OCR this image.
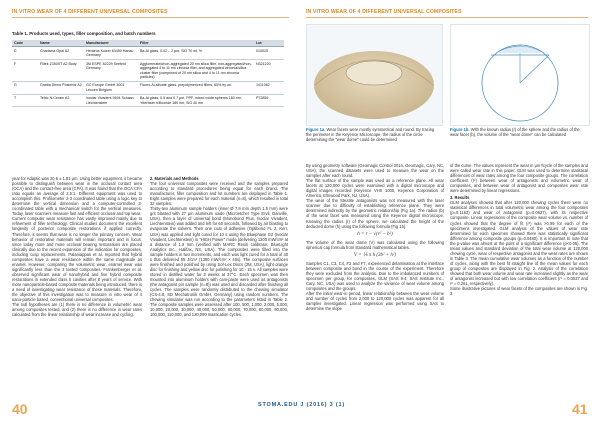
IN VITRO WEAR OF 4 DIFFERENT UNIVERSAL COMPOSITES	IN VITRO WEAR OF 4 DIFFERENT UNIVERSAL COMPOSITES
Table 1. Products used, types, filler composition, and batch numbers
Code	Name	Manufacturer	Filler	Lot
C	Charisma Opal A2	Heraeus Kulzer 63450 Hanau Germany	Ba-Al glass, 0.02 – 2 μm, SiO 70 wt. %	010025
F	Filtek Z350XT A2 Body	3M ESPE 82229 Seefeld Germany	Agglomerated/non-aggregated 20 nm silica filler, non-aggregated/non-aggregated 4 to 11 nm zirconia filler, and aggregated zirconia/silica cluster filler (comprised of 20 nm silica and 4 to 11 nm zirconia particles)	N321220
G	Gradia Direct Posterior A2	GC Europe GmbH 3001 Leuven Belgium	Fluoro-Al-silicate glass, prepolymerized fillers, 65% by wt.	1411082
T	Tetric N-Ceram A2	Ivoclar Vivadent 9494 Schaan Liechtenstein	Ba-Al glass, 0.5 and 0.7 μm, PPF, mixed oxide spheres 160 nm, Ytterbium trifluoride 180 nm, SiO 40 nm	P72859

year for Adaptic was 20.6 ± 1.81 μm. Using better equipment, it became possible to distinguish between wear in the occlusal contact area (OCA) and the contact-free area (CFA). It was found that the OCA:CFA ratio equals an average of 2.5:1. Different equipment was used to accomplish this. Profilometer 2-3 coordinated table using a logic key to determine the vertical dimension and a computer-controlled 3-coordinated table with a mechanical switch for the vertical measures. Today, laser scanners measure fast and efficient occlusal and top wear.

Current computer wear resistance has vastly improved mainly due to refinement of filler technology. Clinical studies document the excellent longevity of posterior composite restorations if applied correctly. Therefore, it seems that wear is no longer the primary concern. Wear behavior of restorative materials will remain important and in focus, since today more and more occlusal bearing restorations are placed clinically due to the recent expansion of the indication for composites, including cusp replacements. Palaniappan et al. reported that hybrid composites have a wear resistance within the same magnitude as enamel. However, comparing the volumetric wear, enamel wear was significantly less than the 3 tested composites. Frankenberger et al. observed significant wear of nanohybrid and fine hybrid composite restorations in extended class II cavities after 8 years of service. With more nanoparticle-based composite materials being introduced, there is a need of investigating wear resistance of these materials. Therefore, the objective of this investigation was to measure in vitro wear of 4 nano-particle based, conventional universal composites.

The null hypotheses are (1) there is no difference in volumetric wear among composites tested, and (2) there is no difference in wear rates calculated from the linear relationship of wear increase and cycling.

2. Materials and Methods

The four universal composites were received and the samples prepared according to standard procedures being equal for each brand. The manufacturer, filler composition and lot numbers are displayed in Table 1. Eight samples were prepared for each material (n=8), which resulted in total 32 samples.

Thirty-two aluminum sample holders (inner Ø 7.9 mm depth 1.5 mm) were grit blasted with 27 μm aluminum oxide (Microetcher Type Ervil, Danville, USA), then a layer of universal bond (Monobond Plus, Ivoclar Vivadent, Liechtenstein) was added and left for 60 seconds, followed by air blasting to evaporate the solvent. Then one coat of adhesive (Optibond FL 2, Kerr, USA) was applied and light cured for 10 s using the Bluephase G2 (Ivoclar Vivadent, Liechtenstein) in "HIGH Power" mode (delivering 1200 mW/cm² at a distance of 1.5 mm (verified with MARC Resin calibrator, BlueLight Analytics Inc., Halifax, NS, USA). The composites were filled into the sample holders in two increments, and each was light cured for a total of 40 s that delivered 55 J/cm² (1300 mW/cm² × 40s). The composite surfaces were finished and polished by using Sof-Lex Discs (3M, USA), light orange disc for finishing and yellow disc for polishing for 10 - 15 s. All samples were stored in distilled water for 3 weeks at 37°C. Each specimen was then mounted into aluminum holders with cam-paste were used as antagonists (the antagonist pin sample (n=8)) was used and discarded after finishing all cycles. The samples were randomly distributed to the chewing simulator (CS-4.8, SD Mechatronik GmbH, Germany) using random numbers. The chewing simulator was run according to the parameters listed in Table 2. The composite samples were assessed after 100, 500, 1,000, 2,000, 5,000, 10,000, 20,000, 30,000, 40,000, 50,000, 60,000, 70,000, 80,000, 90,000, 100,000, 110,000, and 120,000 mastication cycles.

Figure 1a. Wear facets were mostly symmetrical and round. By tracing the perimeter in the Keyence Microscope, the radius of the circle determining the "wear dome" could be determined
Figure 1b. With the known radius (r) of the sphere and the radius of the wear facet (b), the volume of the "wear dome" can be calculated

By using geometry software (Geomagic Control 2014, Geomagic, Cary, NC, USA), the scanned datasets were used to measure the wear on the samples after each round.

The flat surface of the sample was used as a reference plane. All wear facets at 120,000 cycles were examined with a digital microscope and digital images recorded (Keyence VHX 1000, Keyence Corporation of America, Elmwood Park, NJ, USA).

The wear of the Steatite antagonists was not measured with the laser scanner due to difficulty of establishing reference plane. They were determined indirectly by the geometric relationship (Fig 1a). The radius (b) of the wear facet was measured using the Keyence digital microscope. Knowing the radius (r) of the sphere, we calculated the height of the deducted dome (h) using the following formula (Fig 1b).

h = r − √(r² − b²)

The volume of the wear dome (V) was calculated using the following spherical cap formula from standard mathematical tables.

V = ⅙ π h (3b² + h²)

Samples C1, C3, C4, F2 and F7, experienced delamination at the interface between composite and bond in the course of the experiment. Therefore they were excluded from the analysis. Due to the imbalanced numbers of specimen per group, for composites, GLM (SAS 9.4; SAS Institute Inc., Cary, NC, USA) was used to analyze the variance of wear volume among composites and the groups.

After the initial wear-in period, linear relationship between the wear volume and number of cycles from 2,000 to 120,000 cycles was apparent for all samples investigated. Linear regression was performed using SAS to determine the slope

of the curve. The values represent the wear in μm³/cycle of the samples and were called wear rate in this paper. GLM was used to determine statistical differences of wear rates among the four composite groups. The correlation coefficient (r²) between wear of antagonists and volumetric wear of composites, and between wear of antagonist and composites wear rate were determined by linear regressions.

3. Results

GLM analyses showed that after 120,000 chewing cycles there were no statistical differences in total volumetric wear among the four composites (p=0.1163) and wear of antagonist (p=0.0627), with its respective composite. Linear regressions of the composite wear volume vs. number of cycles showed that the degree of fit (r²) was >0.99 for each of the specimens investigated. GLM analysis of the values of wear rate determined for each specimen showed there was statistically significant difference among composite groups (p=0.0480). It is important to note that the p-value was almost at the point of a significant difference (p<0.05). The mean values and standard deviation of the total wear volume at 120,000 chewing cycle, wear of respective antagonist and the wear rates are shown in Table 3. The mean cumulative wear volumes as a function of the number of cycles, along with the best fit straight line of the mean values for each group of composites are displayed in Fig. 2. Analysis of the correlation showed that both wear volume and wear rate increased slightly as the wear of antagonist increased but with low correlation coefficient (r² = 0.0027 and r² = 0.261, respectively).

Some illustrative pictures of wear facets of the composites are shown in Fig. 3.

40	STOMA.EDU J (2016) 3 (1)	41
